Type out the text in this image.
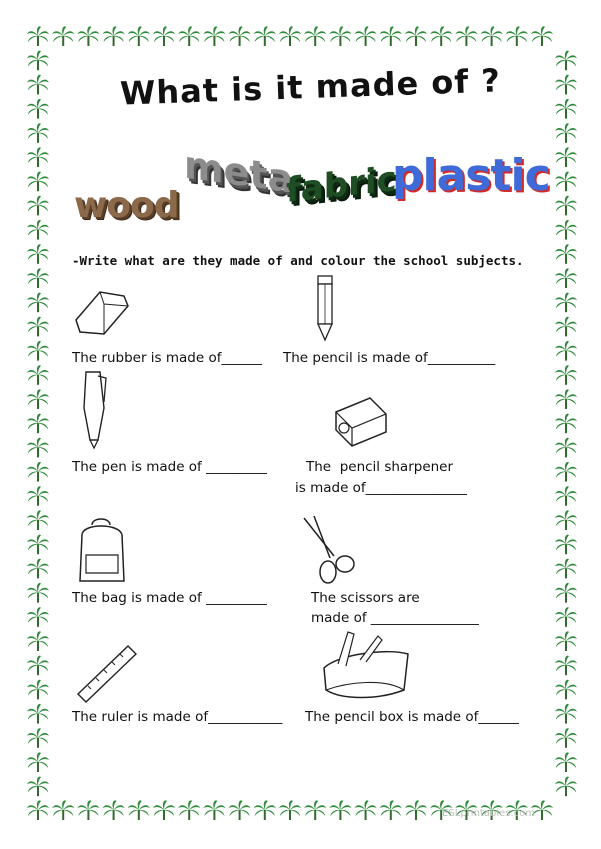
What is it made of ?
wood
meta
fabric
plastic
-Write what are they made of and colour the school subjects.
The rubber is made of______ The pencil is made of__________
The pen is made of _________	The  pencil sharpener
is made of_______________
The bag is made of _________	The scissors are
made of ________________
The ruler is made of___________ The pencil box is made of______
ESLprintables.com
